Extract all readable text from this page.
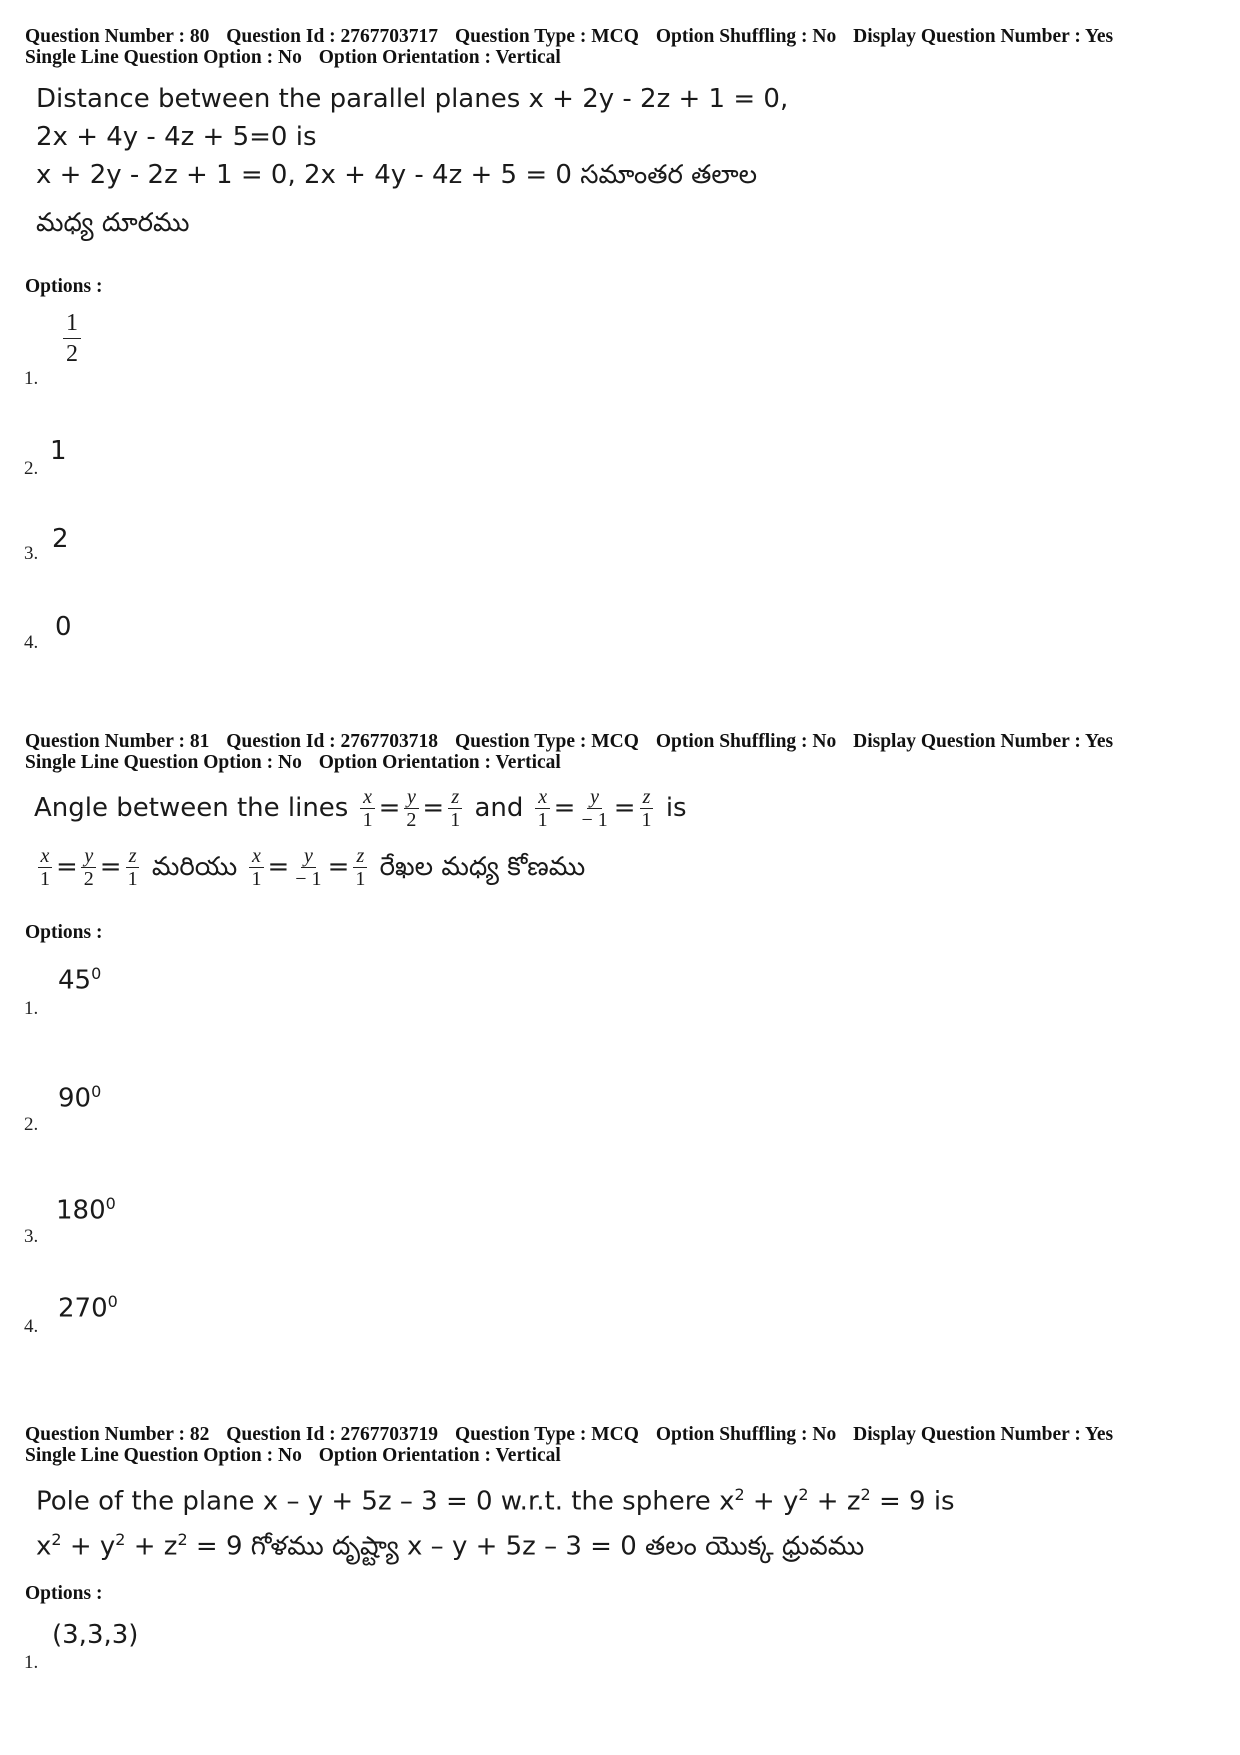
Question Number : 80 Question Id : 2767703717 Question Type : MCQ Option Shuffling : No Display Question Number : Yes
Single Line Question Option : No Option Orientation : Vertical
Distance between the parallel planes x + 2y - 2z + 1 = 0,
2x + 4y - 4z + 5=0 is
x + 2y - 2z + 1 = 0, 2x + 4y - 4z + 5 = 0 సమాంతర తలాల
మధ్య దూరము
Options :
1.
$\frac{1}{2}$
2.
1
3. 2
4.
0
Question Number : 81 Question Id : 2767703718 Question Type : MCQ Option Shuffling : No Display Question Number : Yes
Single Line Question Option : No Option Orientation : Vertical
Angle between the lines $\frac{x}{1} = \frac{y}{2} = \frac{z}{1}$ and $\frac{x}{1} = \frac{y}{- 1} = \frac{z}{1}$ is
$\frac{x}{1} = \frac{y}{2} = \frac{z}{1}$ మరియు $\frac{x}{1} = \frac{y}{- 1} = \frac{z}{1}$ రేఖల మధ్య కోణము
Options :
1.
$45^0$
2.
$90^0$
3.
$180^0$
4.
$270^0$
Question Number : 82 Question Id : 2767703719 Question Type : MCQ Option Shuffling : No Display Question Number : Yes
Single Line Question Option : No Option Orientation : Vertical
Pole of the plane x – y + 5z – 3 = 0 w.r.t. the sphere $x^2 + y^2 + z^2 = 9$ is
$x^2 + y^2 + z^2 = 9$ గోళము దృష్ట్యా x – y + 5z – 3 = 0 తలం యొక్క ధ్రువము
Options :
1.
(3,3,3)
